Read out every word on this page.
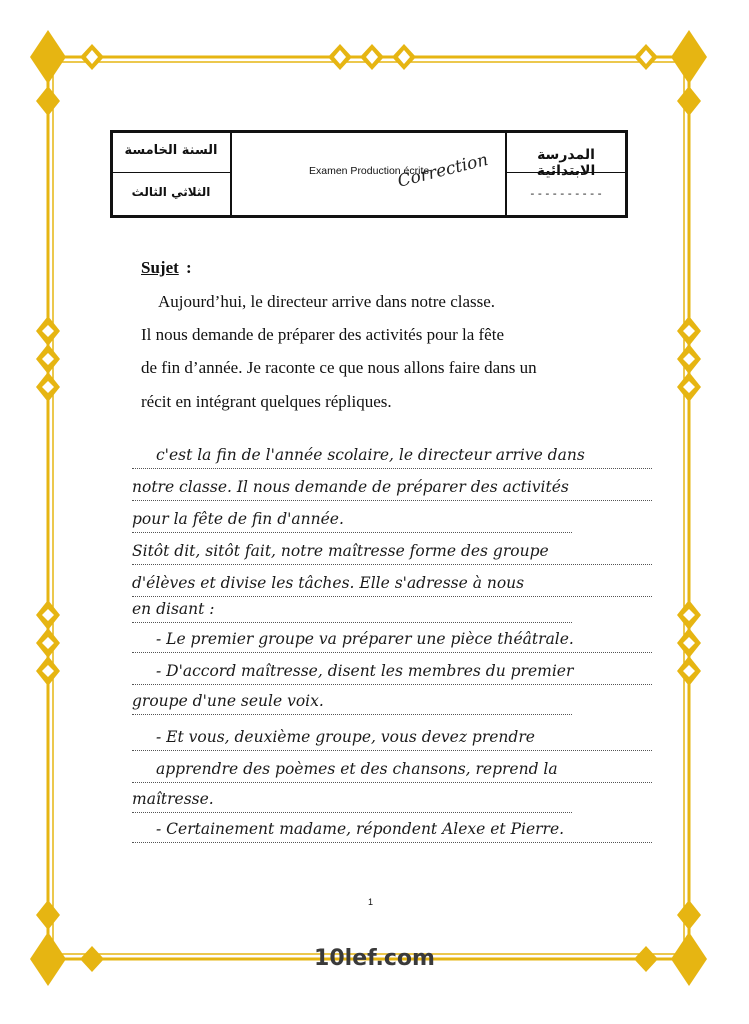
السنة الخامسة
الثلاثي الثالث
Examen Production écrite
المدرسة الابتدائية
- - - - - - - - - -
Correction
Sujet :
Aujourd’hui, le directeur arrive dans notre classe.
Il nous demande de préparer des activités pour la fête
de fin d’année. Je raconte ce que nous allons faire dans un
récit en intégrant quelques répliques.
c'est la fin de l'année scolaire, le directeur arrive dans
notre classe. Il nous demande de préparer des activités
pour la fête de fin d'année.
Sitôt dit, sitôt fait, notre maîtresse forme des groupe
d'élèves et divise les tâches. Elle s'adresse à nous
en disant :
- Le premier groupe va préparer une pièce théâtrale.
- D'accord maîtresse, disent les membres du premier
groupe d'une seule voix.
- Et vous, deuxième groupe, vous devez prendre
apprendre des poèmes et des chansons, reprend la
maîtresse.
- Certainement madame, répondent Alexe et Pierre.
1
10lef.com
